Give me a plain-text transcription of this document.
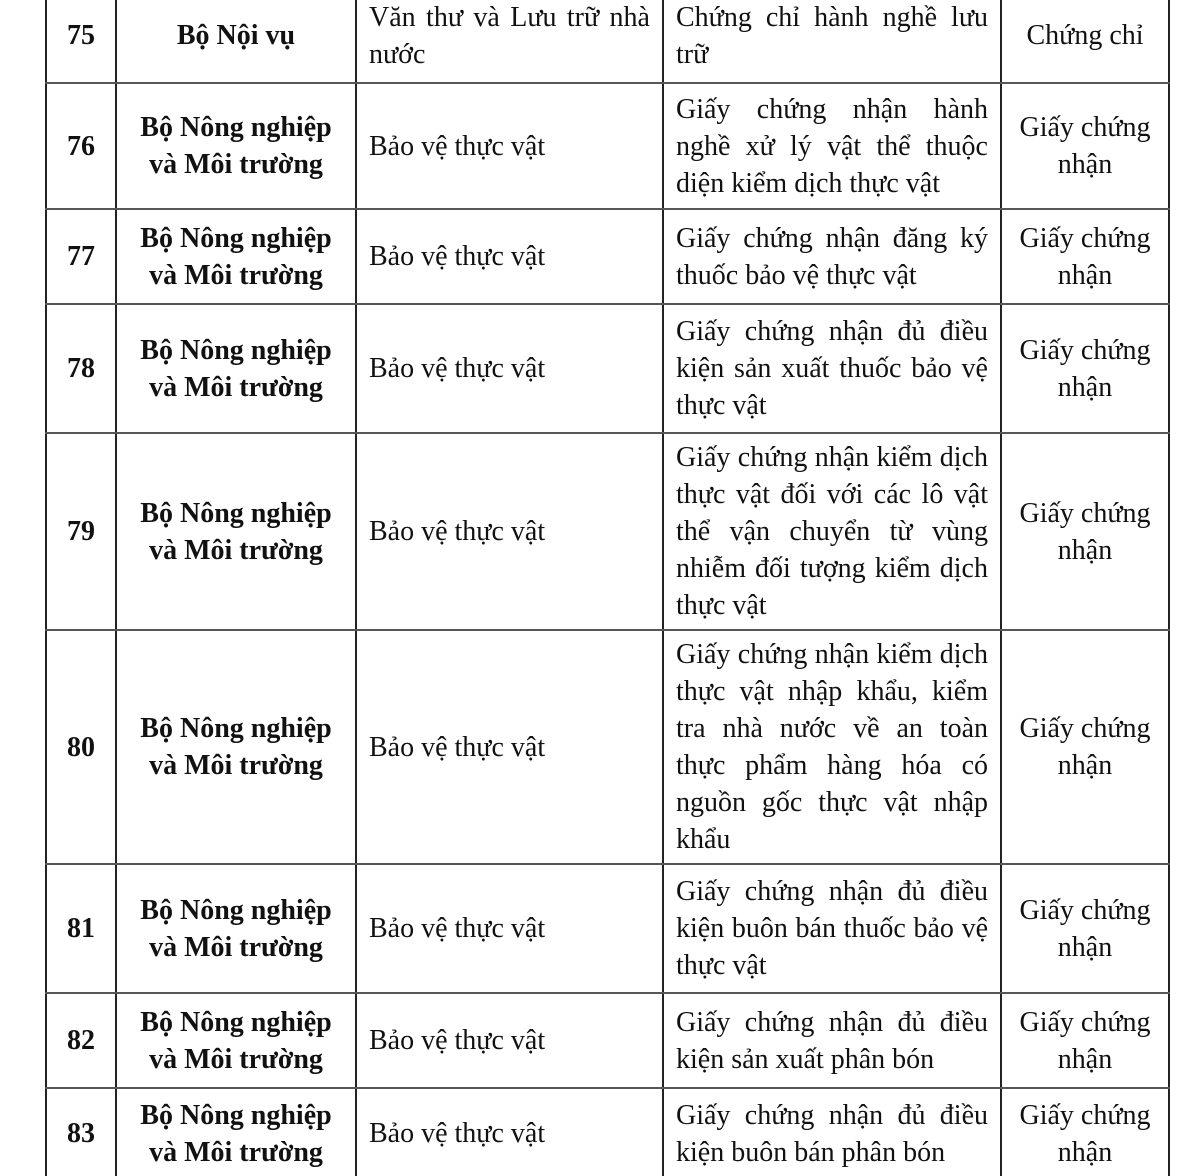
75	Bộ Nội vụ	Văn thư và Lưu trữ nhà nước	Chứng chỉ hành nghề lưu trữ	Chứng chỉ
76	Bộ Nông nghiệp và Môi trường	Bảo vệ thực vật	Giấy chứng nhận hành nghề xử lý vật thể thuộc diện kiểm dịch thực vật	Giấy chứng nhận
77	Bộ Nông nghiệp và Môi trường	Bảo vệ thực vật	Giấy chứng nhận đăng ký thuốc bảo vệ thực vật	Giấy chứng nhận
78	Bộ Nông nghiệp và Môi trường	Bảo vệ thực vật	Giấy chứng nhận đủ điều kiện sản xuất thuốc bảo vệ thực vật	Giấy chứng nhận
79	Bộ Nông nghiệp và Môi trường	Bảo vệ thực vật	Giấy chứng nhận kiểm dịch thực vật đối với các lô vật thể vận chuyển từ vùng nhiễm đối tượng kiểm dịch thực vật	Giấy chứng nhận
80	Bộ Nông nghiệp và Môi trường	Bảo vệ thực vật	Giấy chứng nhận kiểm dịch thực vật nhập khẩu, kiểm tra nhà nước về an toàn thực phẩm hàng hóa có nguồn gốc thực vật nhập khẩu	Giấy chứng nhận
81	Bộ Nông nghiệp và Môi trường	Bảo vệ thực vật	Giấy chứng nhận đủ điều kiện buôn bán thuốc bảo vệ thực vật	Giấy chứng nhận
82	Bộ Nông nghiệp và Môi trường	Bảo vệ thực vật	Giấy chứng nhận đủ điều kiện sản xuất phân bón	Giấy chứng nhận
83	Bộ Nông nghiệp và Môi trường	Bảo vệ thực vật	Giấy chứng nhận đủ điều kiện buôn bán phân bón	Giấy chứng nhận
